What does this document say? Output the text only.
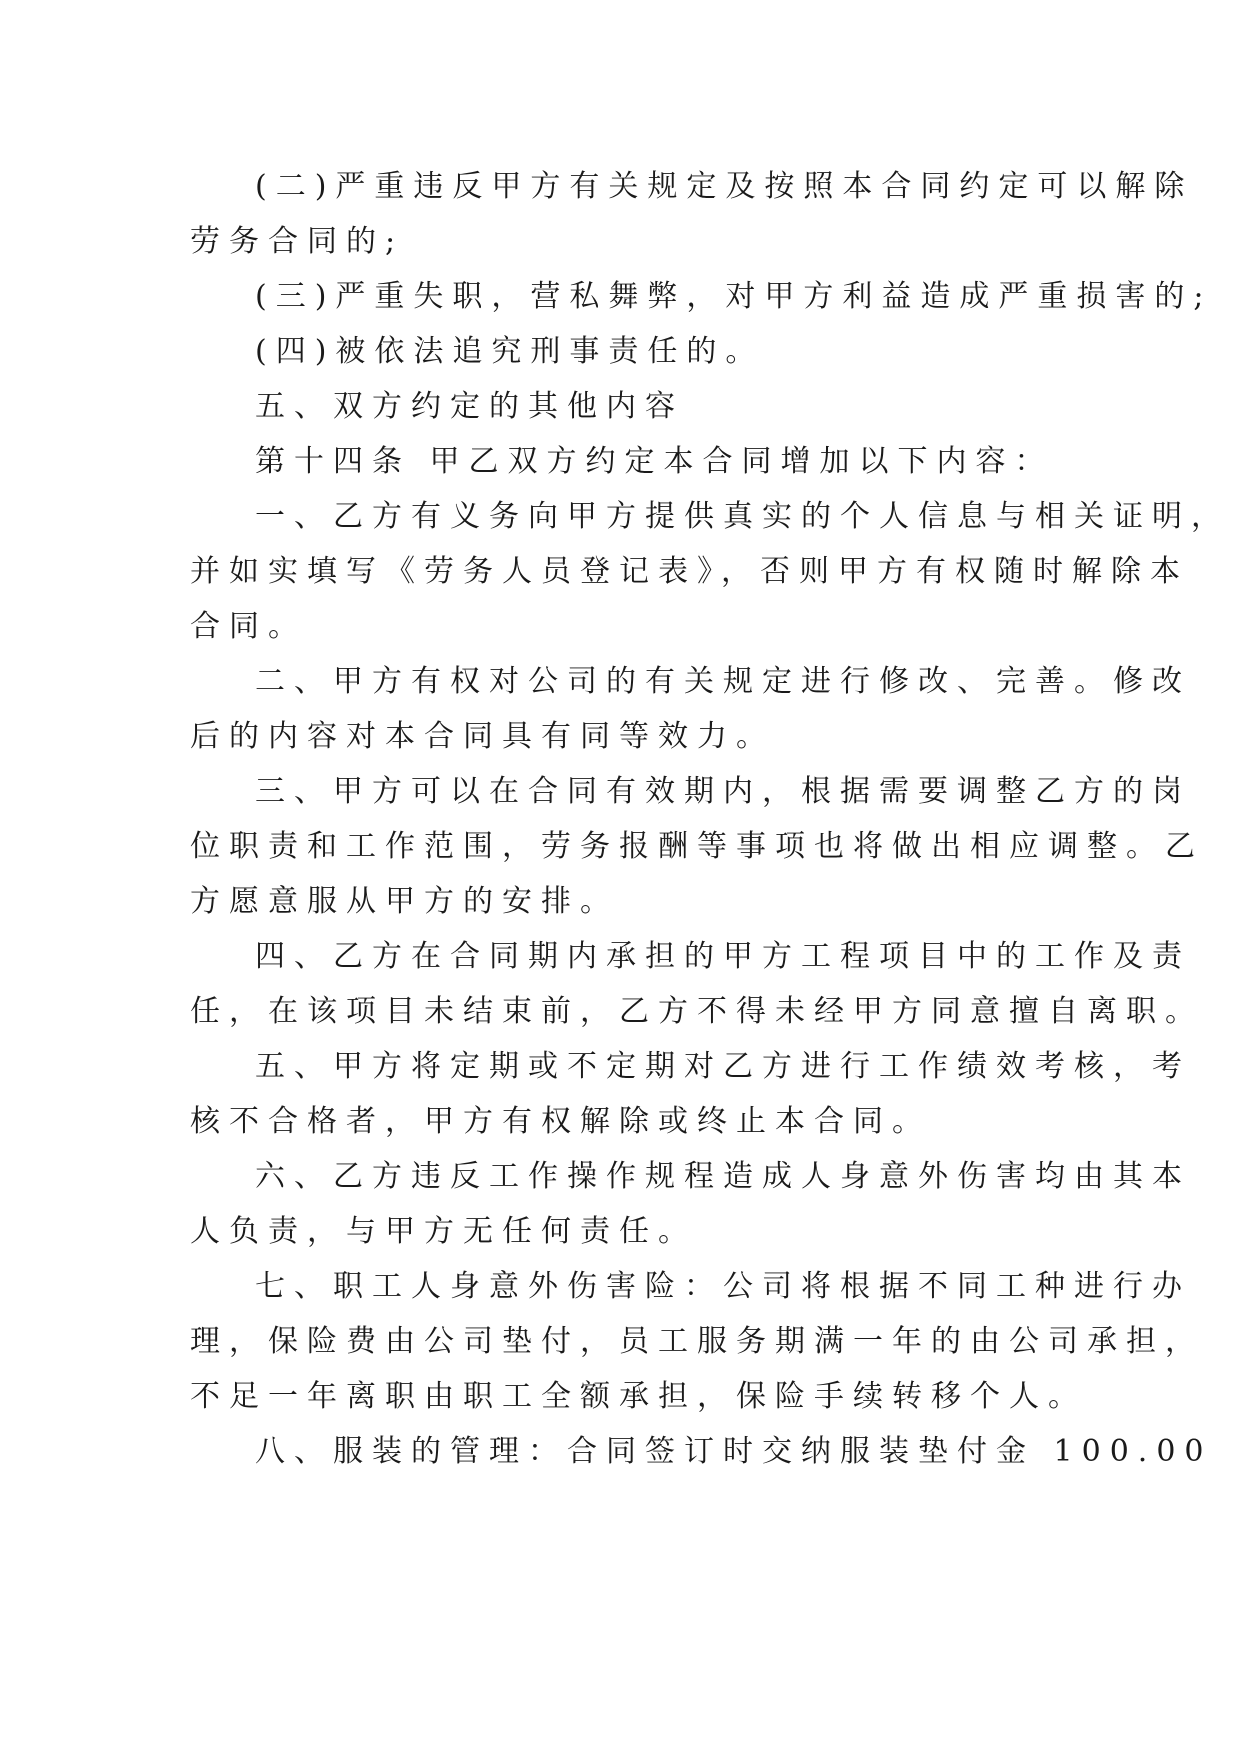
(二)严重违反甲方有关规定及按照本合同约定可以解除
劳务合同的;
(三)严重失职，营私舞弊，对甲方利益造成严重损害的;
(四)被依法追究刑事责任的。
五、双方约定的其他内容
第十四条 甲乙双方约定本合同增加以下内容：
一、乙方有义务向甲方提供真实的个人信息与相关证明，
并如实填写《劳务人员登记表》，否则甲方有权随时解除本
合同。
二、甲方有权对公司的有关规定进行修改、完善。修改
后的内容对本合同具有同等效力。
三、甲方可以在合同有效期内，根据需要调整乙方的岗
位职责和工作范围，劳务报酬等事项也将做出相应调整。乙
方愿意服从甲方的安排。
四、乙方在合同期内承担的甲方工程项目中的工作及责
任，在该项目未结束前，乙方不得未经甲方同意擅自离职。
五、甲方将定期或不定期对乙方进行工作绩效考核，考
核不合格者，甲方有权解除或终止本合同。
六、乙方违反工作操作规程造成人身意外伤害均由其本
人负责，与甲方无任何责任。
七、职工人身意外伤害险：公司将根据不同工种进行办
理，保险费由公司垫付，员工服务期满一年的由公司承担，
不足一年离职由职工全额承担，保险手续转移个人。
八、服装的管理：合同签订时交纳服装垫付金 100.00
